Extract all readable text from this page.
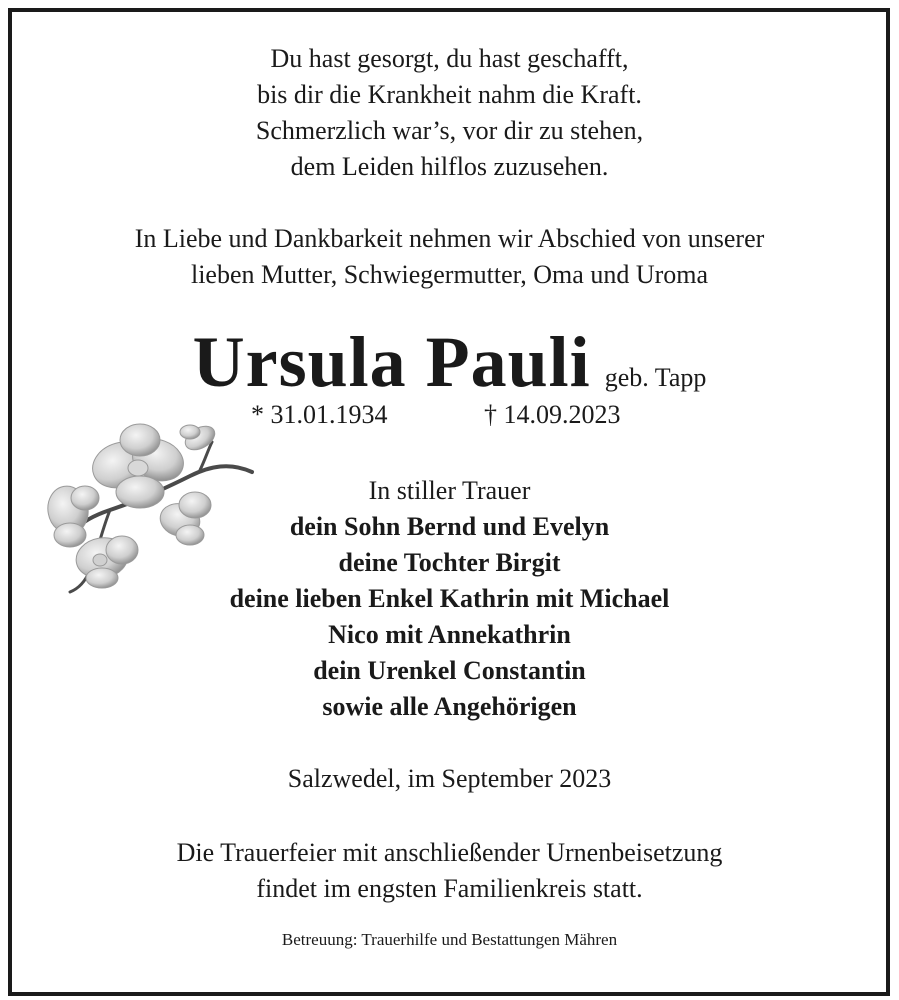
Du hast gesorgt, du hast geschafft,
bis dir die Krankheit nahm die Kraft.
Schmerzlich war’s, vor dir zu stehen,
dem Leiden hilflos zuzusehen.
In Liebe und Dankbarkeit nehmen wir Abschied von unserer
lieben Mutter, Schwiegermutter, Oma und Uroma
Ursula Pauli geb. Tapp
* 31.01.1934	† 14.09.2023
In stiller Trauer
dein Sohn Bernd und Evelyn
deine Tochter Birgit
deine lieben Enkel Kathrin mit Michael
Nico mit Annekathrin
dein Urenkel Constantin
sowie alle Angehörigen
Salzwedel, im September 2023
Die Trauerfeier mit anschließender Urnenbeisetzung
findet im engsten Familienkreis statt.
Betreuung: Trauerhilfe und Bestattungen Mähren
